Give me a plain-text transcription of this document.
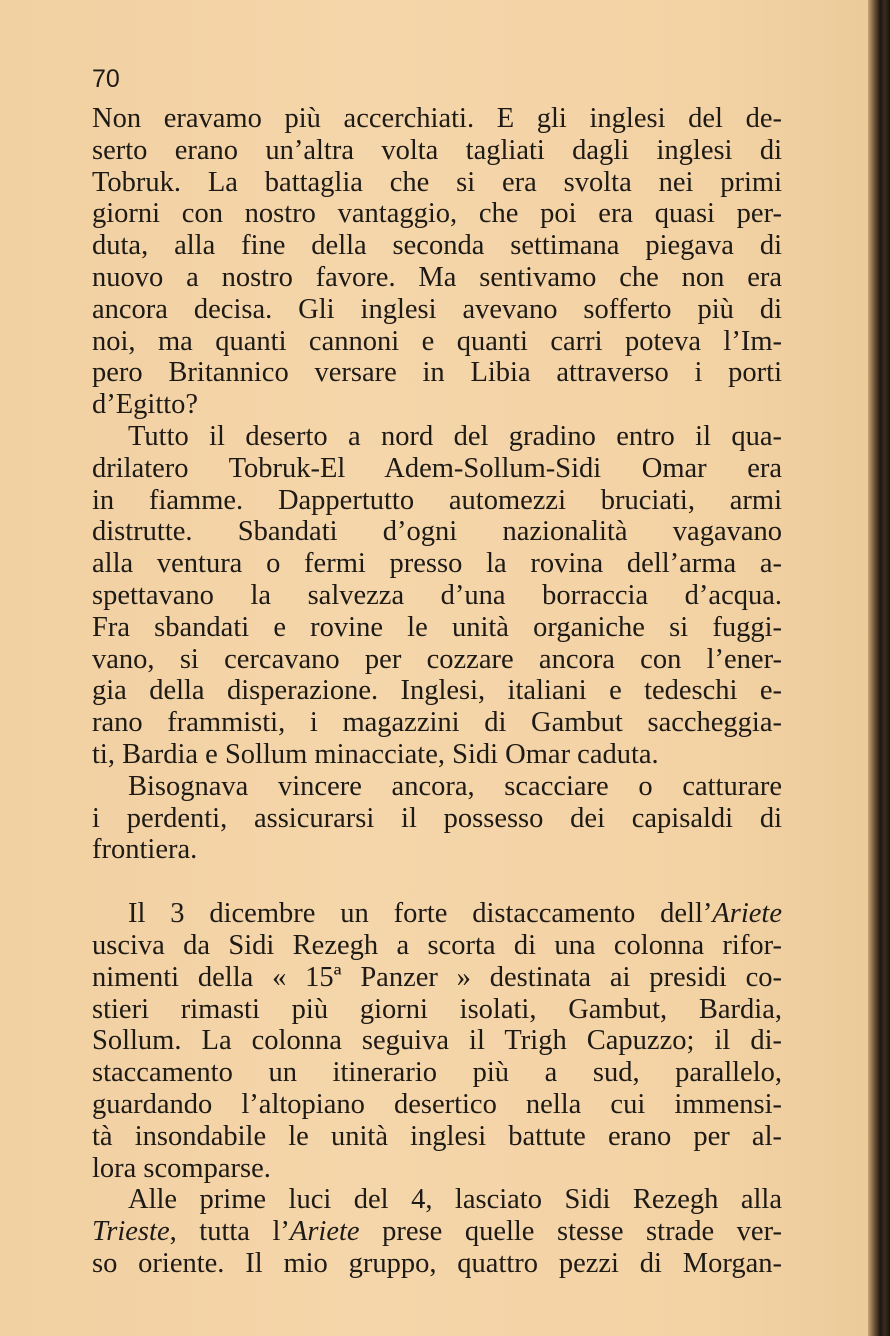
70
Non eravamo più accerchiati. E gli inglesi del de-
serto erano un’altra volta tagliati dagli inglesi di
Tobruk. La battaglia che si era svolta nei primi
giorni con nostro vantaggio, che poi era quasi per-
duta, alla fine della seconda settimana piegava di
nuovo a nostro favore. Ma sentivamo che non era
ancora decisa. Gli inglesi avevano sofferto più di
noi, ma quanti cannoni e quanti carri poteva l’Im-
pero Britannico versare in Libia attraverso i porti
d’Egitto?
Tutto il deserto a nord del gradino entro il qua-
drilatero Tobruk-El Adem-Sollum-Sidi Omar era
in fiamme. Dappertutto automezzi bruciati, armi
distrutte. Sbandati d’ogni nazionalità vagavano
alla ventura o fermi presso la rovina dell’arma a-
spettavano la salvezza d’una borraccia d’acqua.
Fra sbandati e rovine le unità organiche si fuggi-
vano, si cercavano per cozzare ancora con l’ener-
gia della disperazione. Inglesi, italiani e tedeschi e-
rano frammisti, i magazzini di Gambut saccheggia-
ti, Bardia e Sollum minacciate, Sidi Omar caduta.
Bisognava vincere ancora, scacciare o catturare
i perdenti, assicurarsi il possesso dei capisaldi di
frontiera.
Il 3 dicembre un forte distaccamento dell’Ariete
usciva da Sidi Rezegh a scorta di una colonna rifor-
nimenti della « 15ª Panzer » destinata ai presidi co-
stieri rimasti più giorni isolati, Gambut, Bardia,
Sollum. La colonna seguiva il Trigh Capuzzo; il di-
staccamento un itinerario più a sud, parallelo,
guardando l’altopiano desertico nella cui immensi-
tà insondabile le unità inglesi battute erano per al-
lora scomparse.
Alle prime luci del 4, lasciato Sidi Rezegh alla
Trieste, tutta l’Ariete prese quelle stesse strade ver-
so oriente. Il mio gruppo, quattro pezzi di Morgan-
